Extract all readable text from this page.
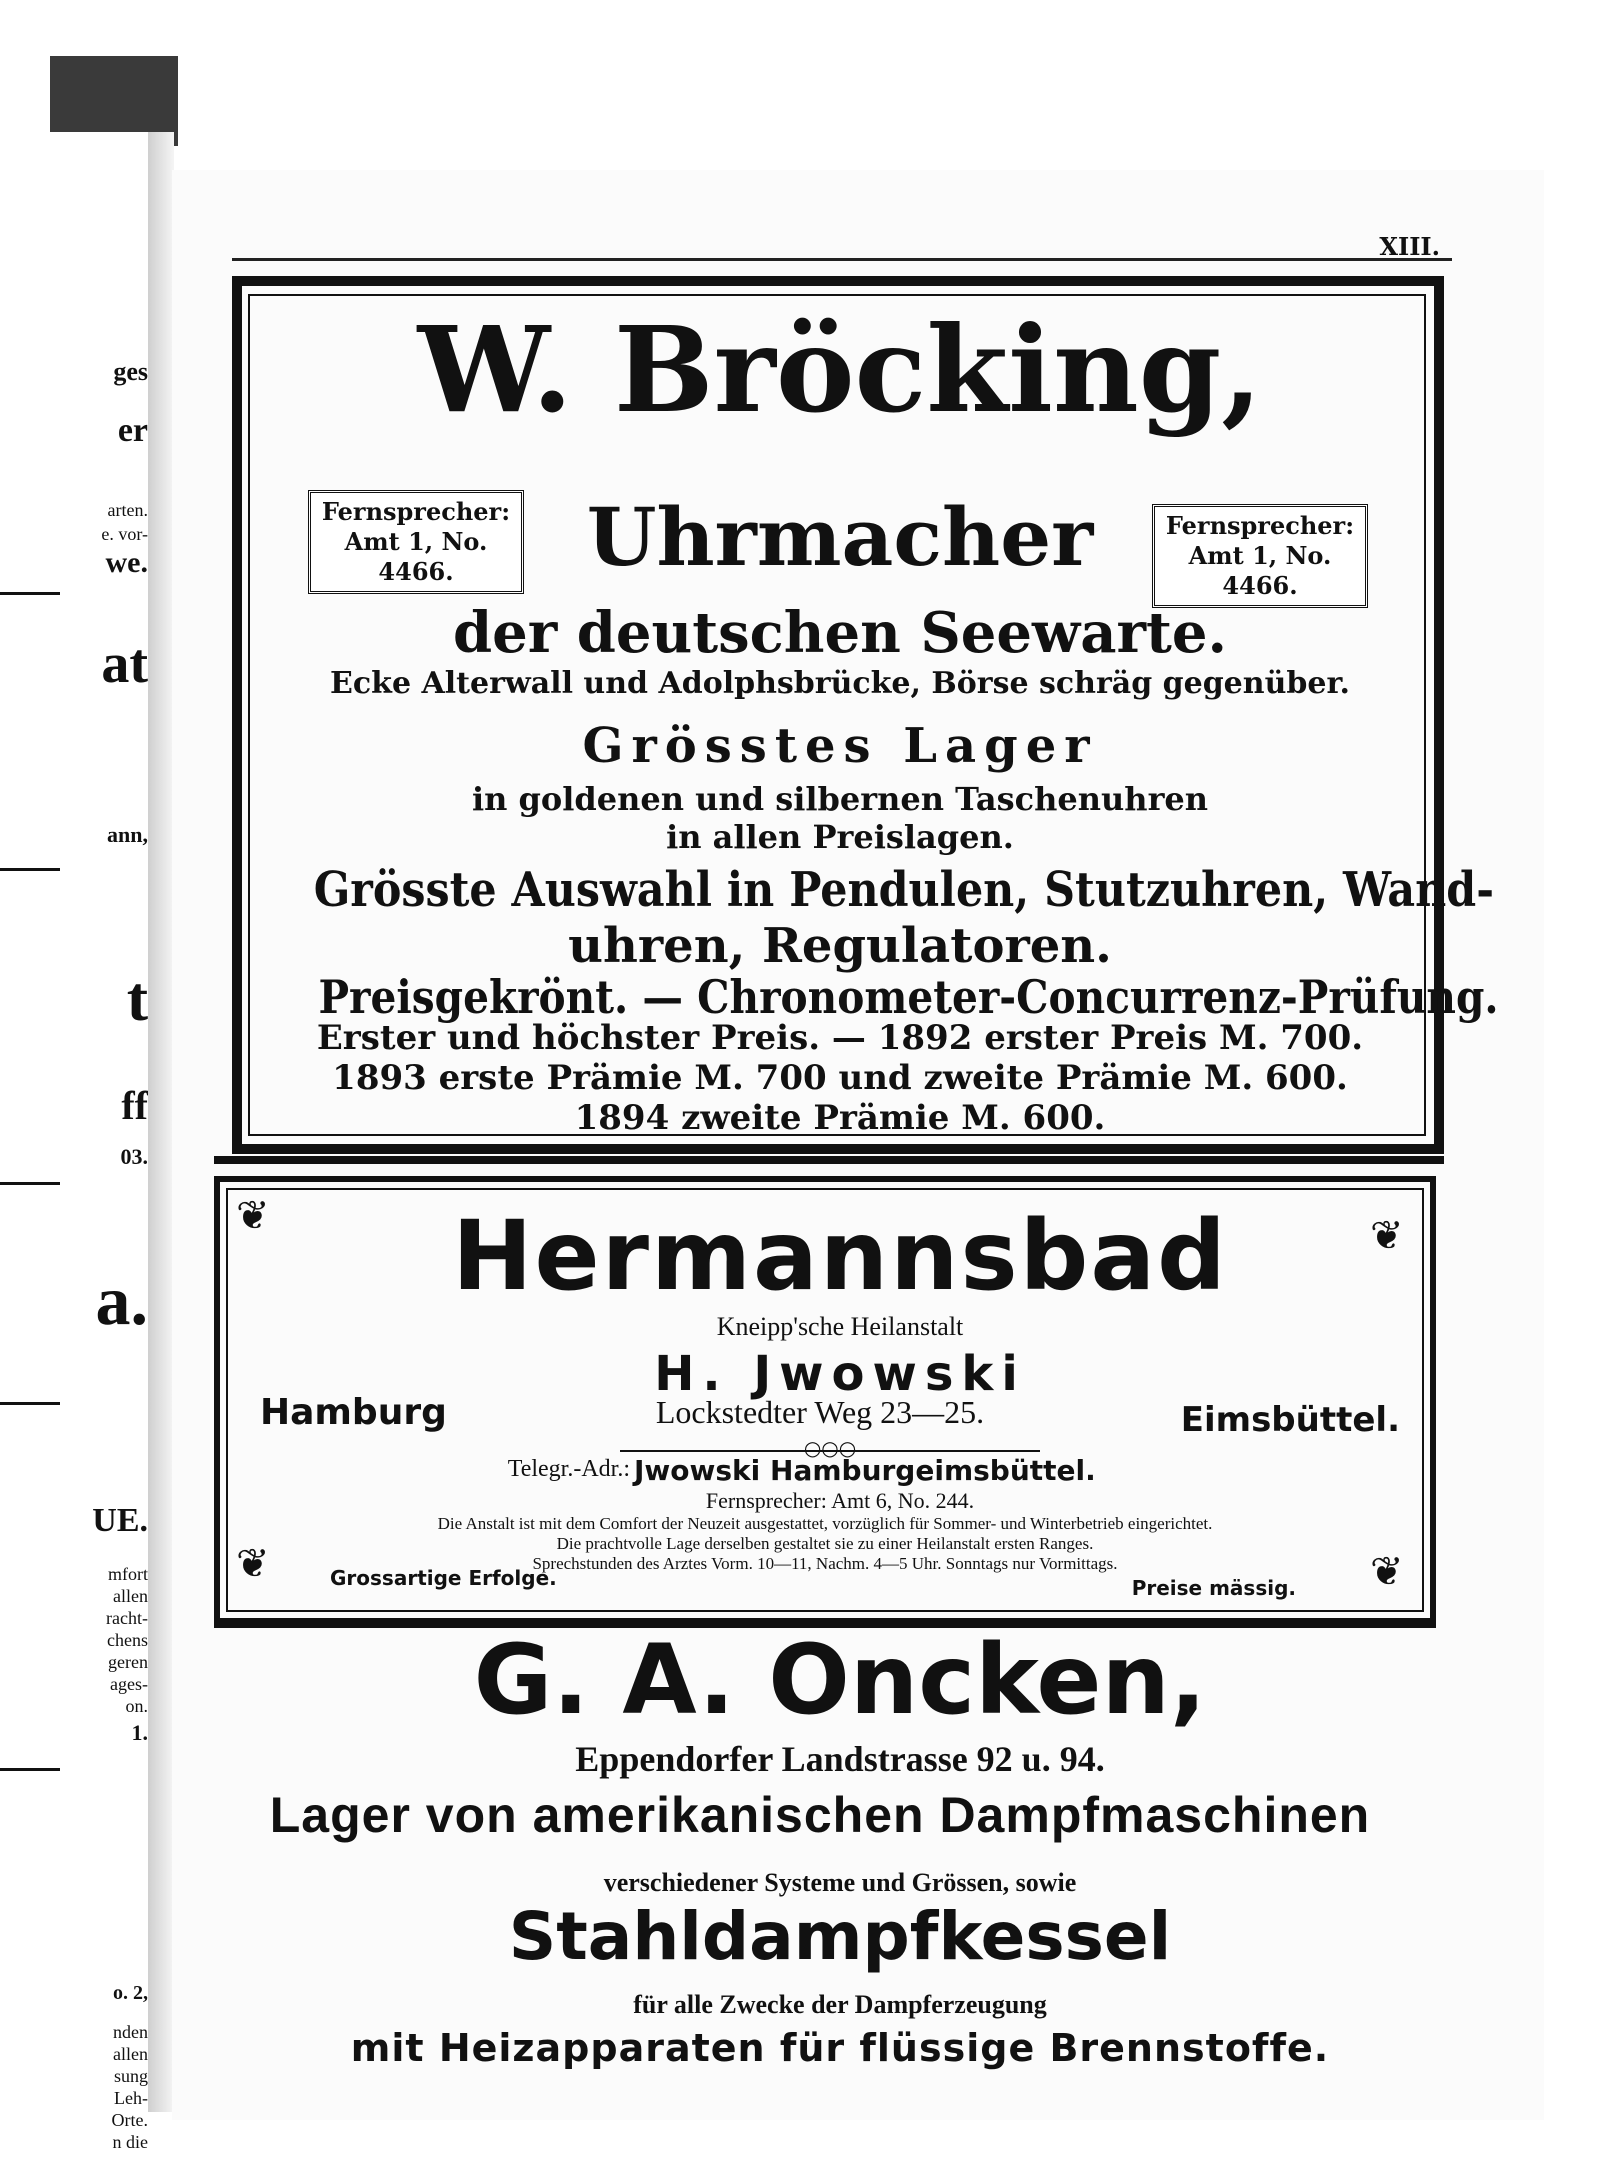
ges
er
arten.
e. vor-
we.
at
ann,
t
ff
03.
a.
UE.
mfort
allen
racht-
chens
geren
ages-
on.
1.
o. 2,
nden
allen
sung
Leh-
Orte.
n die
XIII.
W. Bröcking,
Fernsprecher:
Amt 1, No. 4466.
Fernsprecher:
Amt 1, No. 4466.
Uhrmacher
der deutschen Seewarte.
Ecke Alterwall und Adolphsbrücke, Börse schräg gegenüber.
Grösstes Lager
in goldenen und silbernen Taschenuhren
in allen Preislagen.
Grösste Auswahl in Pendulen, Stutzuhren, Wand-
uhren, Regulatoren.
Preisgekrönt. — Chronometer-Concurrenz-Prüfung.
Erster und höchster Preis. — 1892 erster Preis M. 700.
1893 erste Prämie M. 700 und zweite Prämie M. 600.
1894 zweite Prämie M. 600.
❦	❦
❦	❦
Hermannsbad
Kneipp'sche Heilanstalt
H. Jwowski
Hamburg	Lockstedter Weg 23—25.	Eimsbüttel.
○○○
Telegr.-Adr.: Jwowski Hamburgeimsbüttel.
Fernsprecher: Amt 6, No. 244.
Die Anstalt ist mit dem Comfort der Neuzeit ausgestattet, vorzüglich für Sommer- und Winterbetrieb eingerichtet.
Die prachtvolle Lage derselben gestaltet sie zu einer Heilanstalt ersten Ranges.
Sprechstunden des Arztes Vorm. 10—11, Nachm. 4—5 Uhr. Sonntags nur Vormittags.
Grossartige Erfolge.	Preise mässig.
G. A. Oncken,
Eppendorfer Landstrasse 92 u. 94.
Lager von amerikanischen Dampfmaschinen
verschiedener Systeme und Grössen, sowie
Stahldampfkessel
für alle Zwecke der Dampferzeugung
mit Heizapparaten für flüssige Brennstoffe.
